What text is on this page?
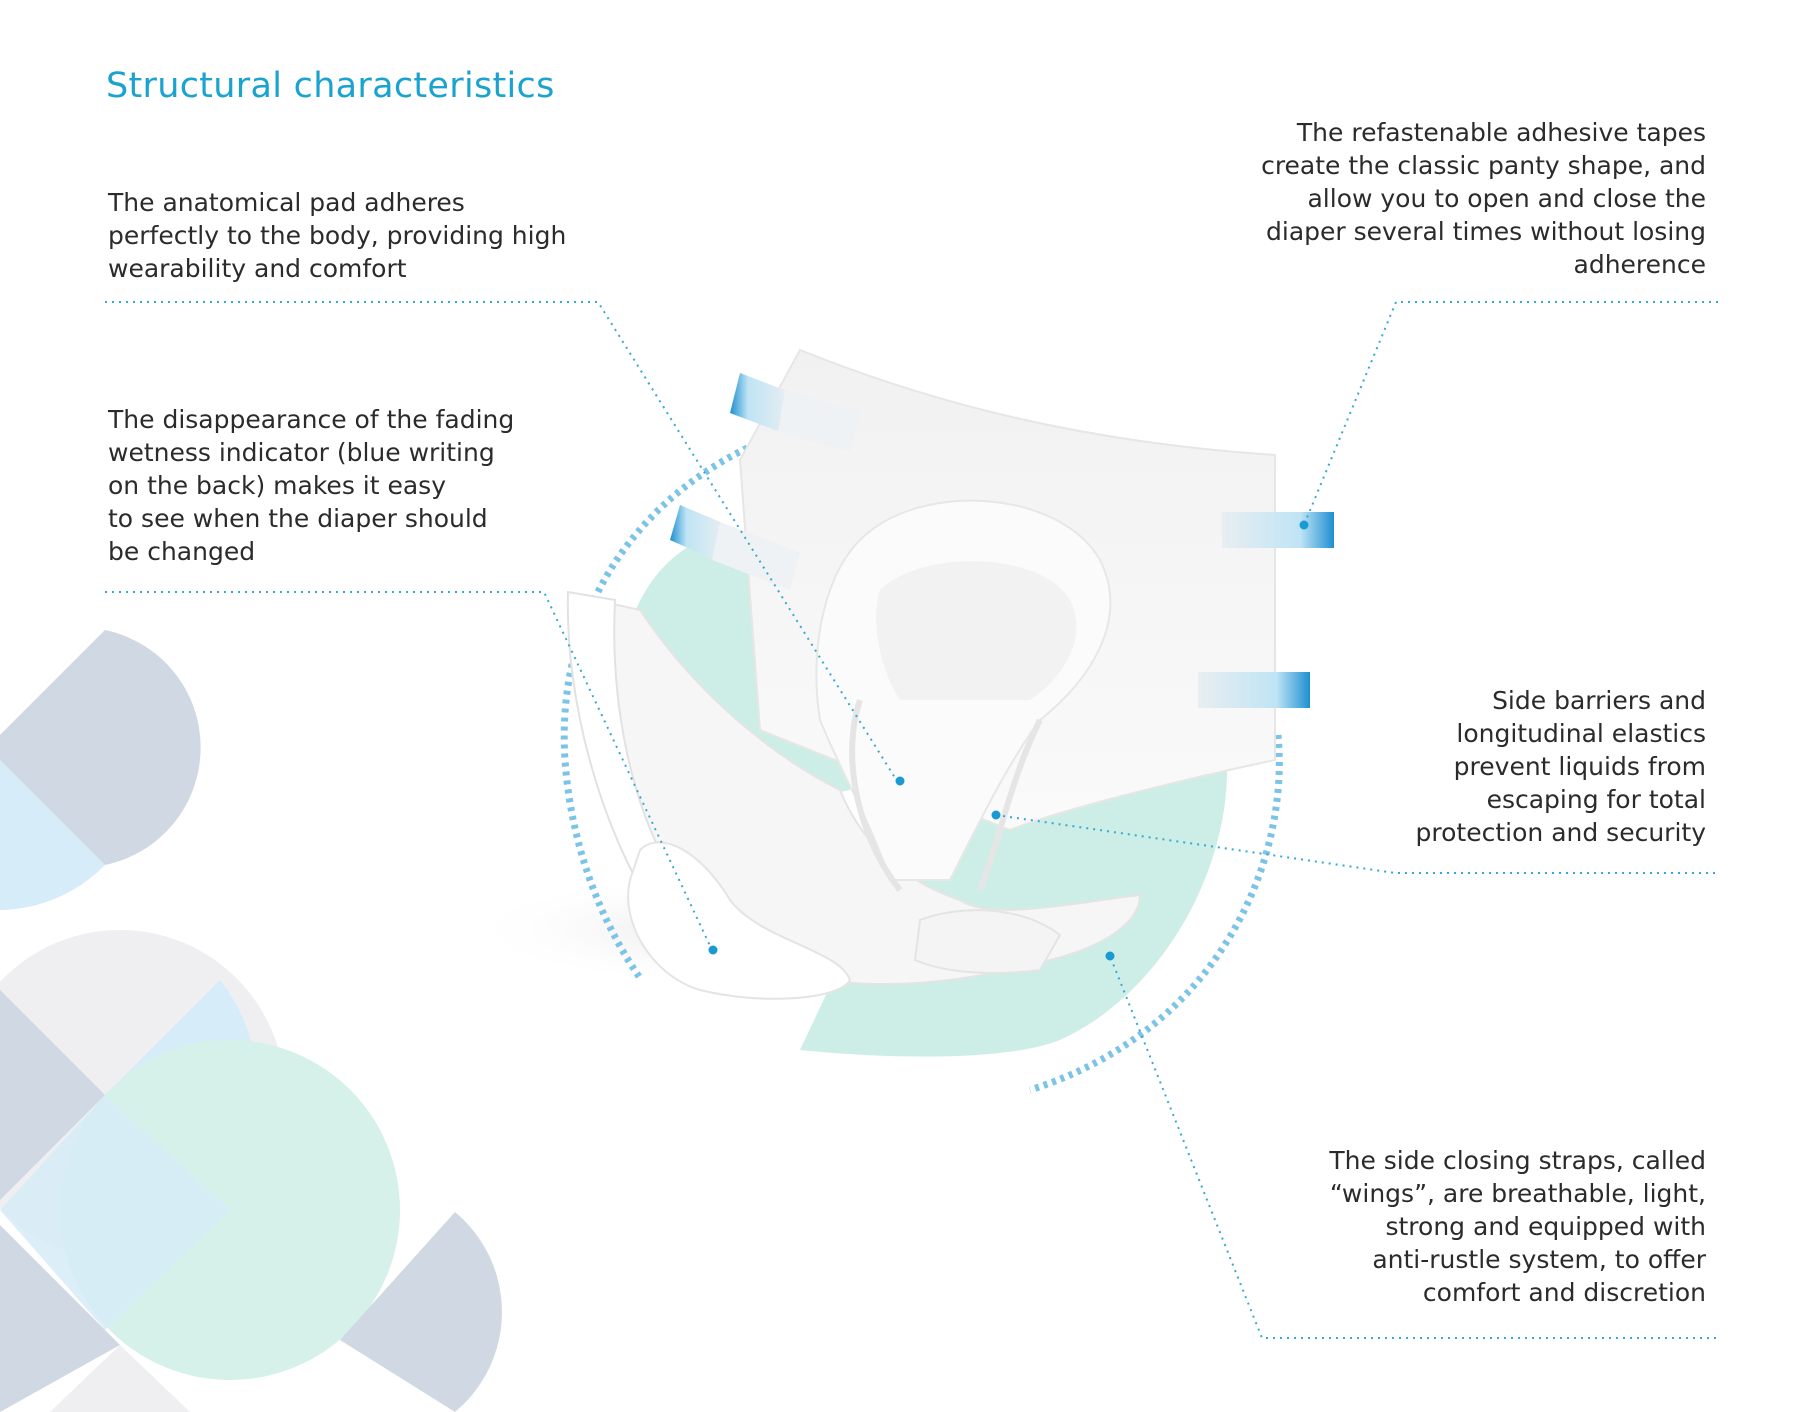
Structural characteristics

The anatomical pad adheres
perfectly to the body, providing high
wearability and comfort

The disappearance of the fading
wetness indicator (blue writing
on the back) makes it easy
to see when the diaper should
be changed

The refastenable adhesive tapes
create the classic panty shape, and
allow you to open and close the
diaper several times without losing
adherence

Side barriers and
longitudinal elastics
prevent liquids from
escaping for total
protection and security

The side closing straps, called
“wings”, are breathable, light,
strong and equipped with
anti-rustle system, to offer
comfort and discretion
